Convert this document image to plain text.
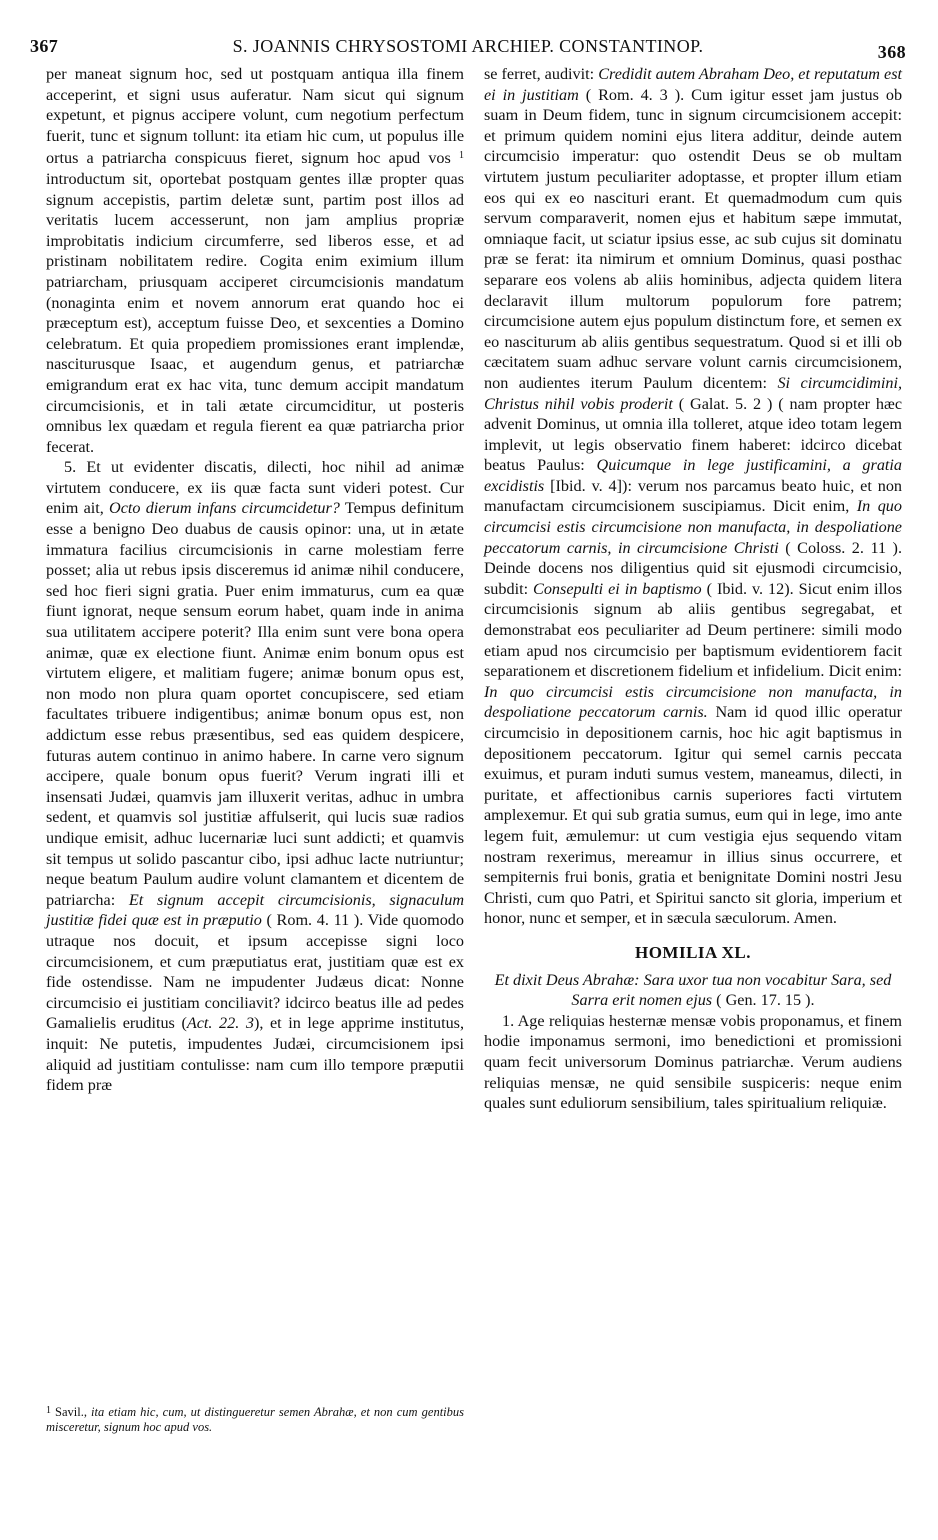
367	S. JOANNIS CHRYSOSTOMI ARCHIEP. CONSTANTINOP.	368

per maneat signum hoc, sed ut postquam antiqua illa finem acceperint, et signi usus auferatur. Nam sicut qui signum expetunt, et pignus accipere volunt, cum negotium perfectum fuerit, tunc et signum tollunt: ita etiam hic cum, ut populus ille ortus a patriarcha conspicuus fieret, signum hoc apud vos $^1$ introductum sit, oportebat postquam gentes illæ propter quas signum accepistis, partim deletæ sunt, partim post illos ad veritatis lucem accesserunt, non jam amplius propriæ improbitatis indicium circumferre, sed liberos esse, et ad pristinam nobilitatem redire. Cogita enim eximium illum patriarcham, priusquam acciperet circumcisionis mandatum (nonaginta enim et novem annorum erat quando hoc ei præceptum est), acceptum fuisse Deo, et sexcenties a Domino celebratum. Et quia propediem promissiones erant implendæ, nasciturusque Isaac, et augendum genus, et patriarchæ emigrandum erat ex hac vita, tunc demum accipit mandatum circumcisionis, et in tali ætate circumciditur, ut posteris omnibus lex quædam et regula fierent ea quæ patriarcha prior fecerat.

5. Et ut evidenter discatis, dilecti, hoc nihil ad animæ virtutem conducere, ex iis quæ facta sunt videri potest. Cur enim ait, Octo dierum infans circumcidetur? Tempus definitum esse a benigno Deo duabus de causis opinor: una, ut in ætate immatura facilius circumcisionis in carne molestiam ferre posset; alia ut rebus ipsis disceremus id animæ nihil conducere, sed hoc fieri signi gratia. Puer enim immaturus, cum ea quæ fiunt ignorat, neque sensum eorum habet, quam inde in anima sua utilitatem accipere poterit? Illa enim sunt vere bona opera animæ, quæ ex electione fiunt. Animæ enim bonum opus est virtutem eligere, et malitiam fugere; animæ bonum opus est, non modo non plura quam oportet concupiscere, sed etiam facultates tribuere indigentibus; animæ bonum opus est, non addictum esse rebus præsentibus, sed eas quidem despicere, futuras autem continuo in animo habere. In carne vero signum accipere, quale bonum opus fuerit? Verum ingrati illi et insensati Judæi, quamvis jam illuxerit veritas, adhuc in umbra sedent, et quamvis sol justitiæ affulserit, qui lucis suæ radios undique emisit, adhuc lucernariæ luci sunt addicti; et quamvis sit tempus ut solido pascantur cibo, ipsi adhuc lacte nutriuntur; neque beatum Paulum audire volunt clamantem et dicentem de patriarcha: Et signum accepit circumcisionis, signaculum justitiæ fidei quæ est in præputio ( Rom. 4. 11 ). Vide quomodo utraque nos docuit, et ipsum accepisse signi loco circumcisionem, et cum præputiatus erat, justitiam quæ est ex fide ostendisse. Nam ne impudenter Judæus dicat: Nonne circumcisio ei justitiam conciliavit? idcirco beatus ille ad pedes Gamalielis eruditus (Act. 22. 3), et in lege apprime institutus, inquit: Ne putetis, impudentes Judæi, circumcisionem ipsi aliquid ad justitiam contulisse: nam cum illo tempore præputii fidem præ

$^1$ Savil., ita etiam hic, cum, ut distingueretur semen Abrahæ, et non cum gentibus misceretur, signum hoc apud vos.

se ferret, audivit: Credidit autem Abraham Deo, et reputatum est ei in justitiam ( Rom. 4. 3 ). Cum igitur esset jam justus ob suam in Deum fidem, tunc in signum circumcisionem accepit: et primum quidem nomini ejus litera additur, deinde autem circumcisio imperatur: quo ostendit Deus se ob multam virtutem justum peculiariter adoptasse, et propter illum etiam eos qui ex eo nascituri erant. Et quemadmodum cum quis servum comparaverit, nomen ejus et habitum sæpe immutat, omniaque facit, ut sciatur ipsius esse, ac sub cujus sit dominatu præ se ferat: ita nimirum et omnium Dominus, quasi posthac separare eos volens ab aliis hominibus, adjecta quidem litera declaravit illum multorum populorum fore patrem; circumcisione autem ejus populum distinctum fore, et semen ex eo nasciturum ab aliis gentibus sequestratum. Quod si et illi ob cæcitatem suam adhuc servare volunt carnis circumcisionem, non audientes iterum Paulum dicentem: Si circumcidimini, Christus nihil vobis proderit ( Galat. 5. 2 ) ( nam propter hæc advenit Dominus, ut omnia illa tolleret, atque ideo totam legem implevit, ut legis observatio finem haberet: idcirco dicebat beatus Paulus: Quicumque in lege justificamini, a gratia excidistis [Ibid. v. 4]): verum nos parcamus beato huic, et non manufactam circumcisionem suscipiamus. Dicit enim, In quo circumcisi estis circumcisione non manufacta, in despoliatione peccatorum carnis, in circumcisione Christi ( Coloss. 2. 11 ). Deinde docens nos diligentius quid sit ejusmodi circumcisio, subdit: Consepulti ei in baptismo ( Ibid. v. 12). Sicut enim illos circumcisionis signum ab aliis gentibus segregabat, et demonstrabat eos peculiariter ad Deum pertinere: simili modo etiam apud nos circumcisio per baptismum evidentiorem facit separationem et discretionem fidelium et infidelium. Dicit enim: In quo circumcisi estis circumcisione non manufacta, in despoliatione peccatorum carnis. Nam id quod illic operatur circumcisio in depositionem carnis, hoc hic agit baptismus in depositionem peccatorum. Igitur qui semel carnis peccata exuimus, et puram induti sumus vestem, maneamus, dilecti, in puritate, et affectionibus carnis superiores facti virtutem amplexemur. Et qui sub gratia sumus, eum qui in lege, imo ante legem fuit, æmulemur: ut cum vestigia ejus sequendo vitam nostram rexerimus, mereamur in illius sinus occurrere, et sempiternis frui bonis, gratia et benignitate Domini nostri Jesu Christi, cum quo Patri, et Spiritui sancto sit gloria, imperium et honor, nunc et semper, et in sæcula sæculorum. Amen.

HOMILIA XL.

Et dixit Deus Abrahæ: Sara uxor tua non vocabitur Sara, sed Sarra erit nomen ejus ( Gen. 17. 15 ).

1. Age reliquias hesternæ mensæ vobis proponamus, et finem hodie imponamus sermoni, imo benedictioni et promissioni quam fecit universorum Dominus patriarchæ. Verum audiens reliquias mensæ, ne quid sensibile suspiceris: neque enim quales sunt eduliorum sensibilium, tales spiritualium reliquiæ.
